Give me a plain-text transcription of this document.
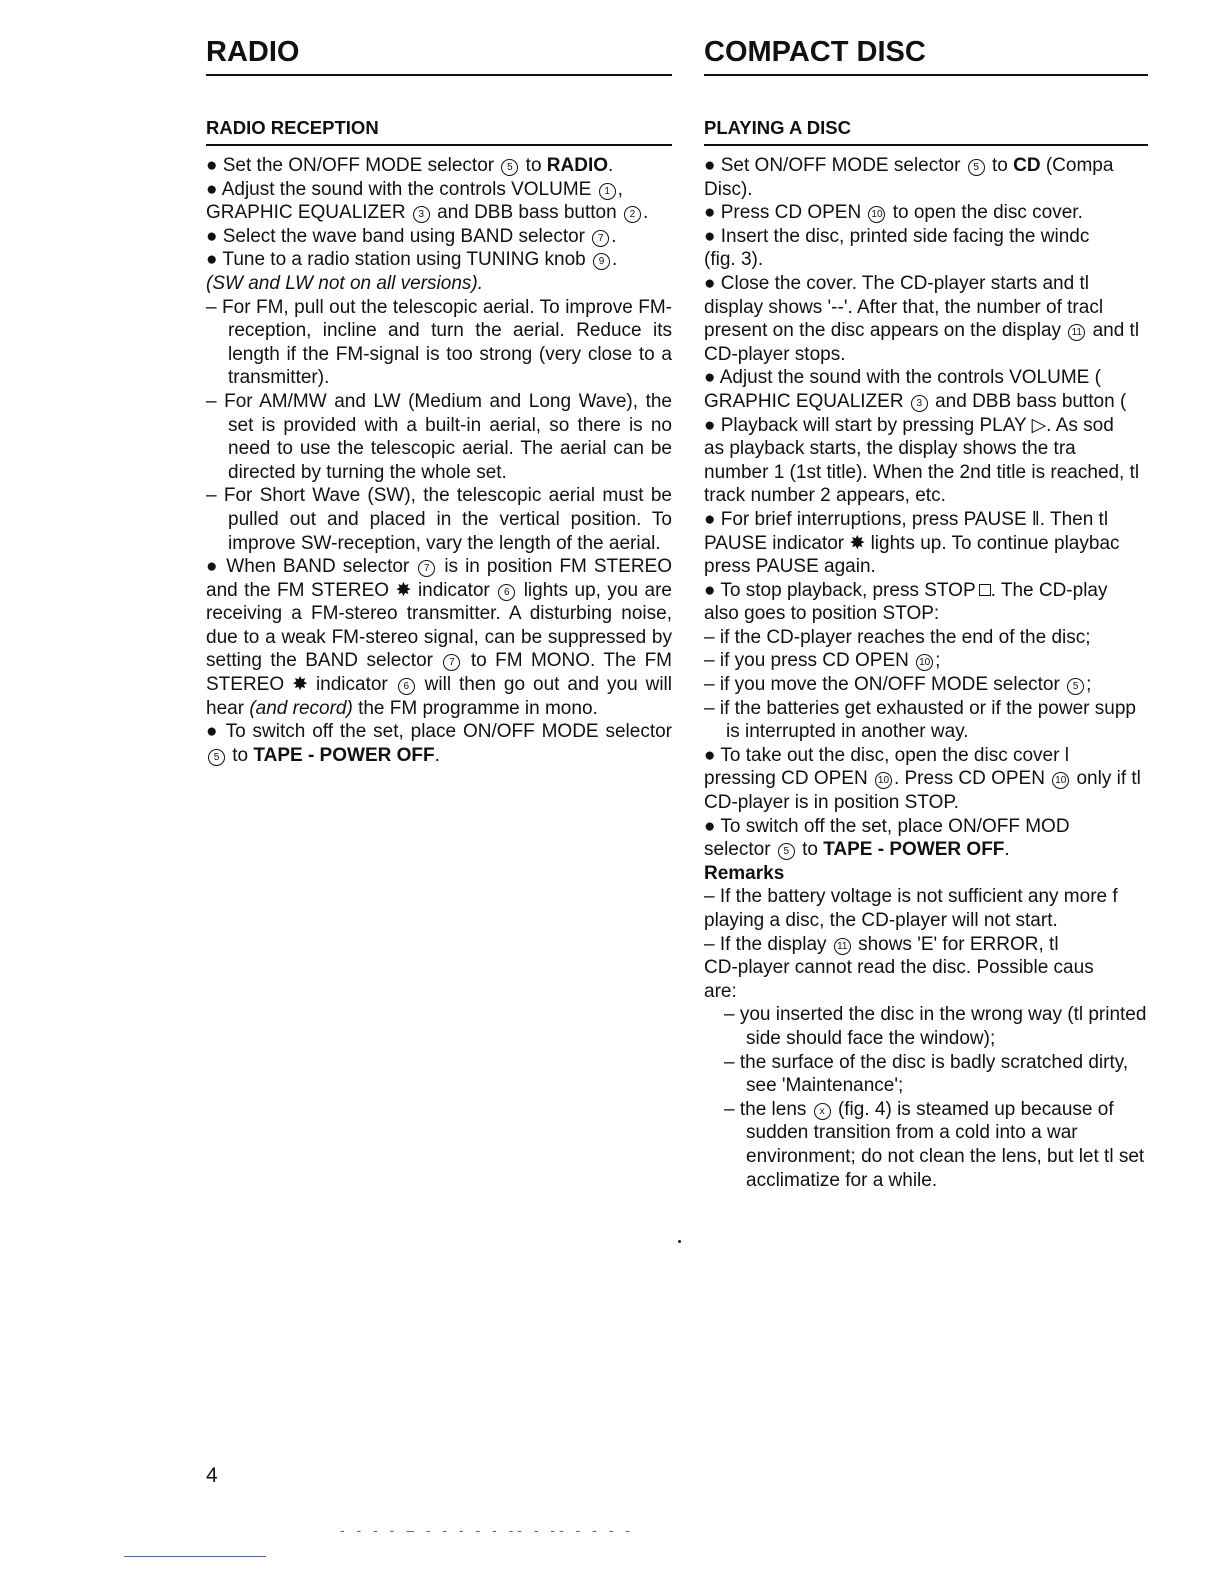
RADIO
RADIO RECEPTION

● Set the ON/OFF MODE selector 5 to RADIO.

● Adjust the sound with the controls VOLUME 1 ,

GRAPHIC EQUALIZER 3 and DBB bass button 2 .

● Select the wave band using BAND selector 7 .

● Tune to a radio station using TUNING knob 9 .

(SW and LW not on all versions).

– For FM, pull out the telescopic aerial. To improve FM-reception, incline and turn the aerial. Reduce its length if the FM-signal is too strong (very close to a transmitter).

– For AM/MW and LW (Medium and Long Wave), the set is provided with a built-in aerial, so there is no need to use the telescopic aerial. The aerial can be directed by turning the whole set.

– For Short Wave (SW), the telescopic aerial must be pulled out and placed in the vertical position. To improve SW-reception, vary the length of the aerial.

● When BAND selector 7 is in position FM STEREO and the FM STEREO ✸ indicator 6 lights up, you are receiving a FM-stereo transmitter. A disturbing noise, due to a weak FM-stereo signal, can be suppressed by setting the BAND selector 7 to FM MONO. The FM STEREO ✸ indicator 6 will then go out and you will hear (and record) the FM programme in mono.

● To switch off the set, place ON/OFF MODE selector 5 to TAPE - POWER OFF.

COMPACT DISC
PLAYING A DISC

● Set ON/OFF MODE selector 5 to CD (Compa

Disc).

● Press CD OPEN 10 to open the disc cover.

● Insert the disc, printed side facing the windc

(fig. 3).

● Close the cover. The CD-player starts and tl

display shows '--'. After that, the number of tracl

present on the disc appears on the display 11 and tl

CD-player stops.

● Adjust the sound with the controls VOLUME (

GRAPHIC EQUALIZER 3 and DBB bass button (

● Playback will start by pressing PLAY ▷. As sod

as playback starts, the display shows the tra

number 1 (1st title). When the 2nd title is reached, tl

track number 2 appears, etc.

● For brief interruptions, press PAUSE ‖. Then tl

PAUSE indicator ✸ lights up. To continue playbac

press PAUSE again.

● To stop playback, press STOP . The CD-play

also goes to position STOP:

– if the CD-player reaches the end of the disc;

– if you press CD OPEN 10 ;

– if you move the ON/OFF MODE selector 5 ;

– if the batteries get exhausted or if the power supp is interrupted in another way.

● To take out the disc, open the disc cover l

pressing CD OPEN 10 . Press CD OPEN 10 only if tl

CD-player is in position STOP.

● To switch off the set, place ON/OFF MOD

selector 5 to TAPE - POWER OFF.

Remarks

– If the battery voltage is not sufficient any more f

playing a disc, the CD-player will not start.

– If the display 11 shows 'E' for ERROR, tl

CD-player cannot read the disc. Possible caus

are:

– you inserted the disc in the wrong way (tl printed side should face the window);

– the surface of the disc is badly scratched dirty, see 'Maintenance';

– the lens x (fig. 4) is steamed up because of sudden transition from a cold into a war environment; do not clean the lens, but let tl set acclimatize for a while.

4
- - - - – - - - - - -- - -- - - - -
